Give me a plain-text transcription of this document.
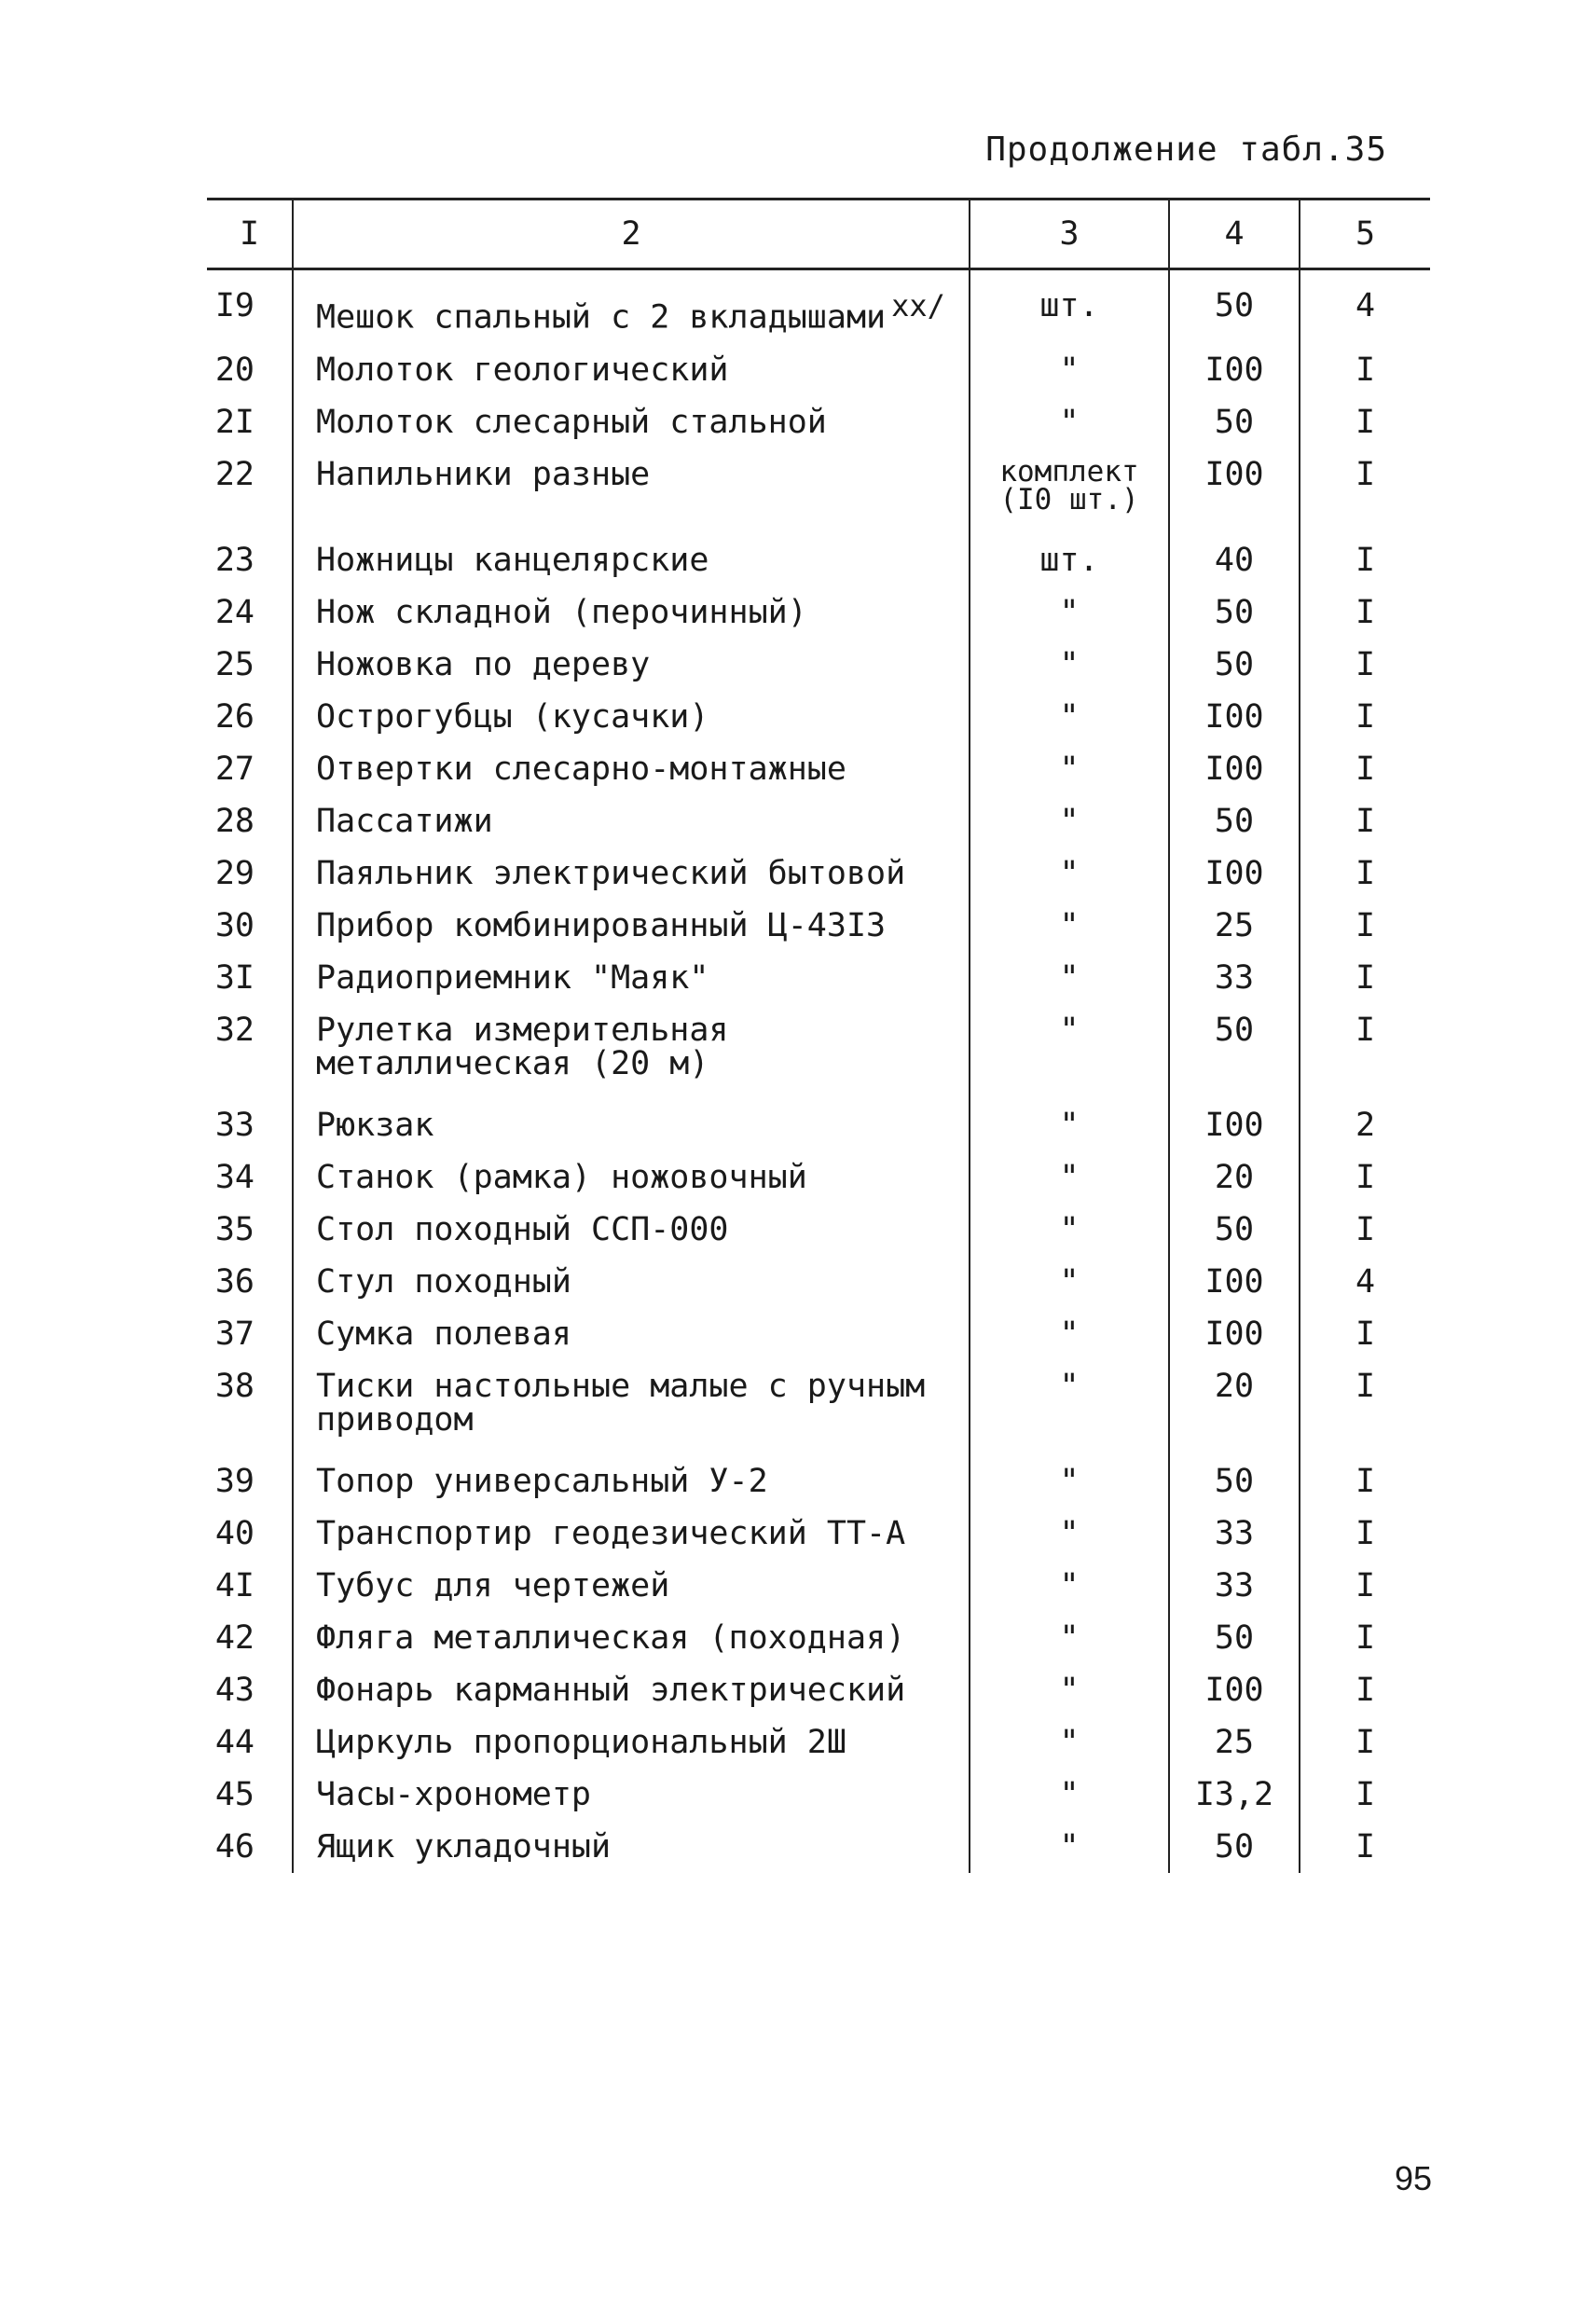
Продолжение табл.35
I	2	3	4	5
I9	Мешок спальный с 2 вкладышами xx/	шт.	50	4
20	Молоток геологический	"	I00	I
2I	Молоток слесарный стальной	"	50	I
22	Напильники разные	комплект (I0 шт.)	I00	I
23	Ножницы канцелярские	шт.	40	I
24	Нож складной (перочинный)	"	50	I
25	Ножовка по дереву	"	50	I
26	Острогубцы (кусачки)	"	I00	I
27	Отвертки слесарно-монтажные	"	I00	I
28	Пассатижи	"	50	I
29	Паяльник электрический бытовой	"	I00	I
30	Прибор комбинированный Ц-43I3	"	25	I
3I	Радиоприемник "Маяк"	"	33	I
32	Рулетка измерительная металлическая (20 м)	"	50	I
33	Рюкзак	"	I00	2
34	Станок (рамка) ножовочный	"	20	I
35	Стол походный ССП-000	"	50	I
36	Стул походный	"	I00	4
37	Сумка полевая	"	I00	I
38	Тиски настольные малые с ручным приводом	"	20	I
39	Топор универсальный У-2	"	50	I
40	Транспортир геодезический ТТ-А	"	33	I
4I	Тубус для чертежей	"	33	I
42	Фляга металлическая (походная)	"	50	I
43	Фонарь карманный электрический	"	I00	I
44	Циркуль пропорциональный 2Ш	"	25	I
45	Часы-хронометр	"	I3,2	I
46	Ящик укладочный	"	50	I
95
